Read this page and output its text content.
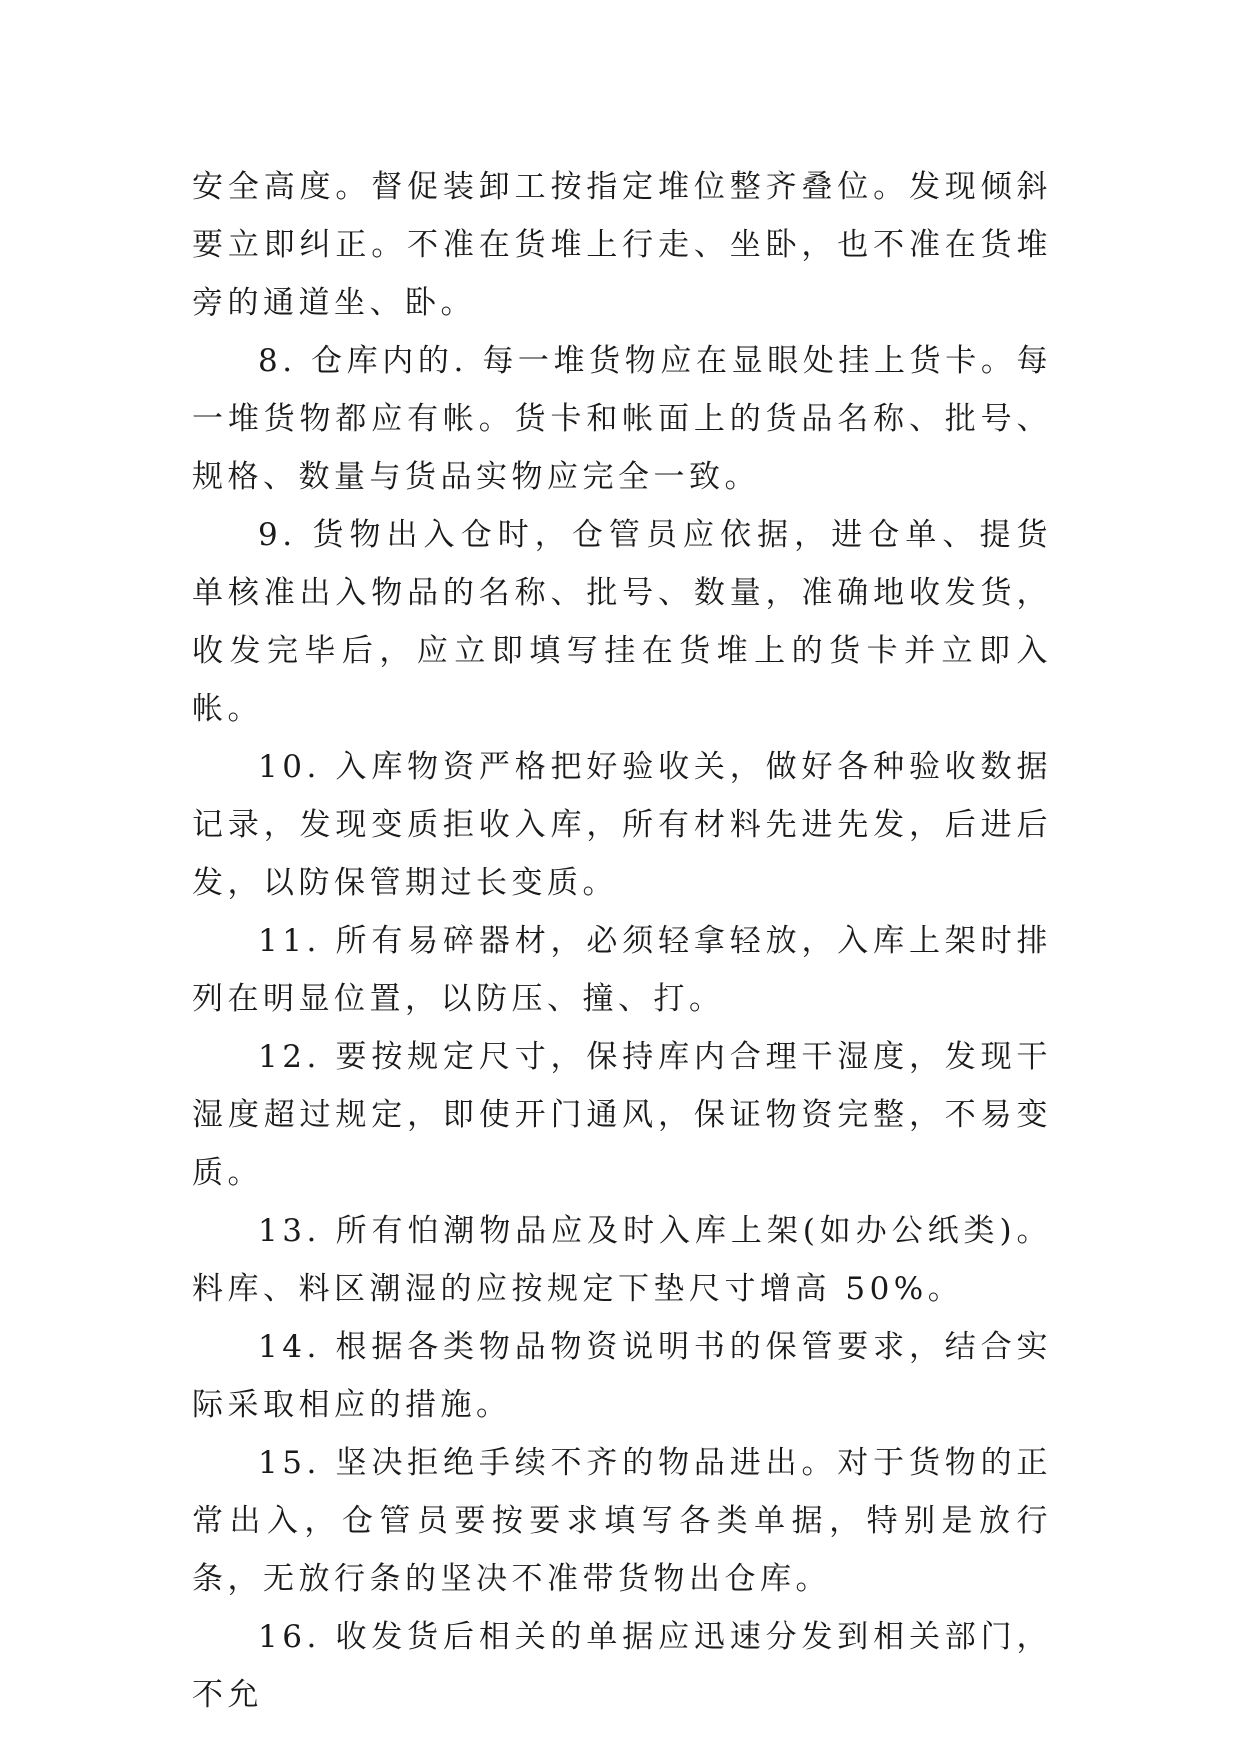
安全高度。督促装卸工按指定堆位整齐叠位。发现倾斜要立即纠正。不准在货堆上行走、坐卧，也不准在货堆旁的通道坐、卧。

8. 仓库内的. 每一堆货物应在显眼处挂上货卡。每一堆货物都应有帐。货卡和帐面上的货品名称、批号、规格、数量与货品实物应完全一致。

9. 货物出入仓时，仓管员应依据，进仓单、提货单核准出入物品的名称、批号、数量，准确地收发货，收发完毕后，应立即填写挂在货堆上的货卡并立即入帐。

10. 入库物资严格把好验收关，做好各种验收数据记录，发现变质拒收入库，所有材料先进先发，后进后发，以防保管期过长变质。

11. 所有易碎器材，必须轻拿轻放，入库上架时排列在明显位置，以防压、撞、打。

12. 要按规定尺寸，保持库内合理干湿度，发现干湿度超过规定，即使开门通风，保证物资完整，不易变质。

13. 所有怕潮物品应及时入库上架(如办公纸类)。料库、料区潮湿的应按规定下垫尺寸增高 50%。

14. 根据各类物品物资说明书的保管要求，结合实际采取相应的措施。

15. 坚决拒绝手续不齐的物品进出。对于货物的正常出入，仓管员要按要求填写各类单据，特别是放行条，无放行条的坚决不准带货物出仓库。

16. 收发货后相关的单据应迅速分发到相关部门，不允
